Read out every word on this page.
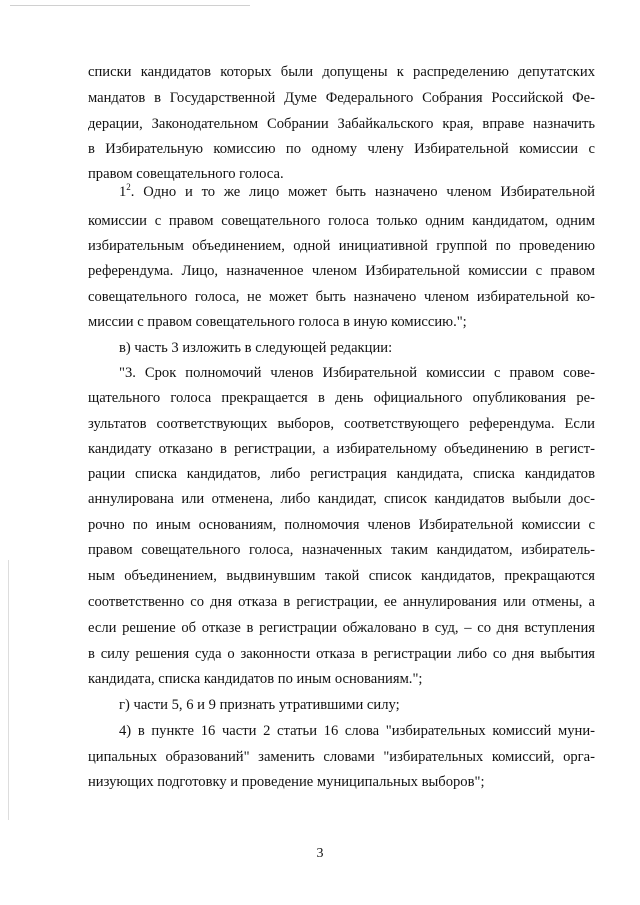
списки кандидатов которых были допущены к распределению депутатских
мандатов в Государственной Думе Федерального Собрания Российской Фе-
дерации, Законодательном Собрании Забайкальского края, вправе назначить
в Избирательную комиссию по одному члену Избирательной комиссии с
правом совещательного голоса.
$1^2$. Одно и то же лицо может быть назначено членом Избирательной
комиссии с правом совещательного голоса только одним кандидатом, одним
избирательным объединением, одной инициативной группой по проведению
референдума. Лицо, назначенное членом Избирательной комиссии с правом
совещательного голоса, не может быть назначено членом избирательной ко-
миссии с правом совещательного голоса в иную комиссию.";
в) часть 3 изложить в следующей редакции:
"3. Срок полномочий членов Избирательной комиссии с правом сове-
щательного голоса прекращается в день официального опубликования ре-
зультатов соответствующих выборов, соответствующего референдума. Если
кандидату отказано в регистрации, а избирательному объединению в регист-
рации списка кандидатов, либо регистрация кандидата, списка кандидатов
аннулирована или отменена, либо кандидат, список кандидатов выбыли дос-
рочно по иным основаниям, полномочия членов Избирательной комиссии с
правом совещательного голоса, назначенных таким кандидатом, избиратель-
ным объединением, выдвинувшим такой список кандидатов, прекращаются
соответственно со дня отказа в регистрации, ее аннулирования или отмены, а
если решение об отказе в регистрации обжаловано в суд, – со дня вступления
в силу решения суда о законности отказа в регистрации либо со дня выбытия
кандидата, списка кандидатов по иным основаниям.";
г) части 5, 6 и 9 признать утратившими силу;
4) в пункте 16 части 2 статьи 16 слова "избирательных комиссий муни-
ципальных образований" заменить словами "избирательных комиссий, орга-
низующих подготовку и проведение муниципальных выборов";
3
